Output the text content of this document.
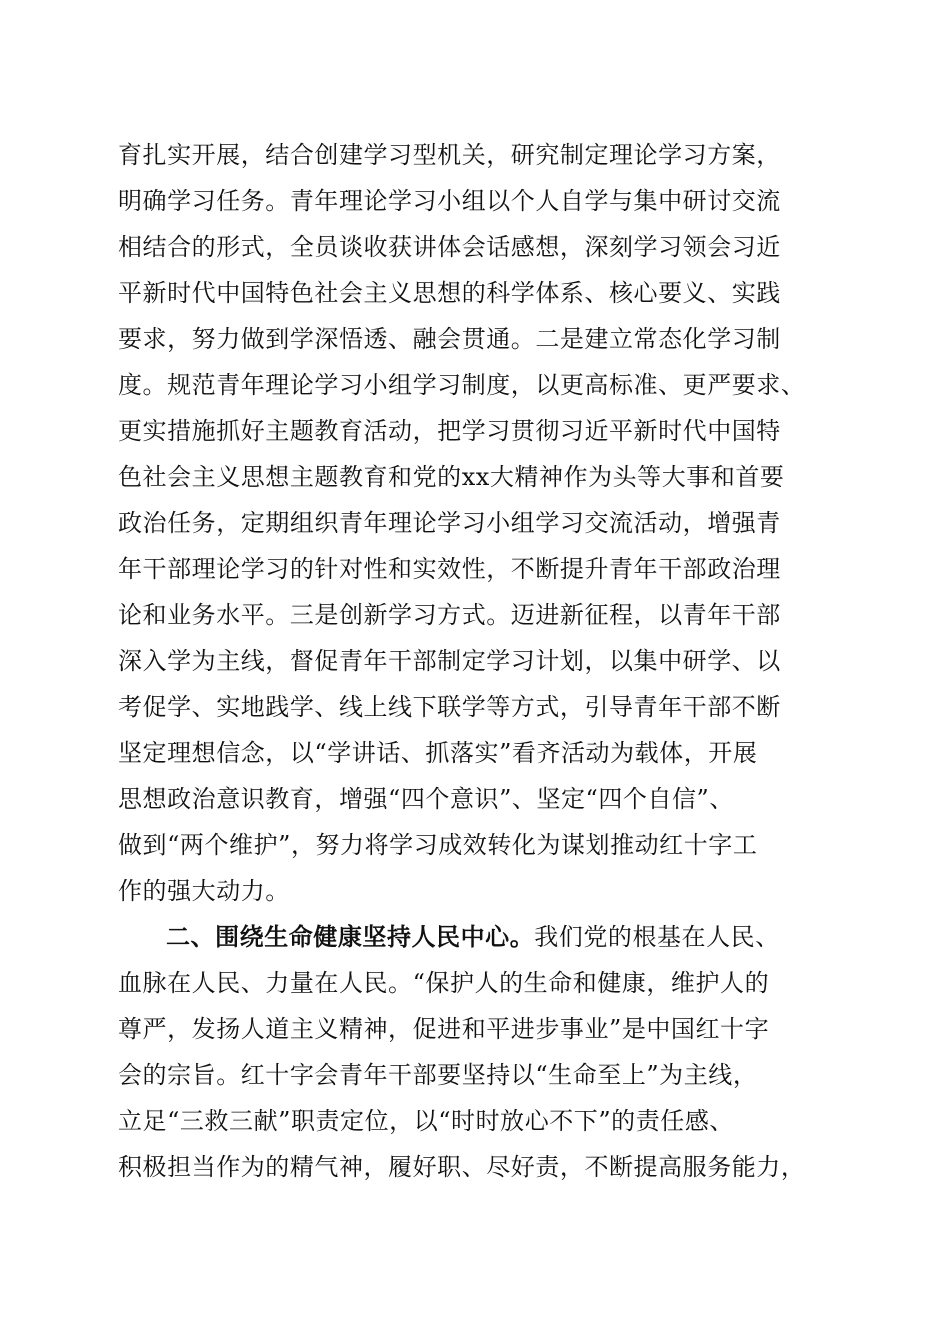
育扎实开展，结合创建学习型机关，研究制定理论学习方案，
明确学习任务。青年理论学习小组以个人自学与集中研讨交流
相结合的形式，全员谈收获讲体会话感想，深刻学习领会习近
平新时代中国特色社会主义思想的科学体系、核心要义、实践
要求，努力做到学深悟透、融会贯通。二是建立常态化学习制
度。规范青年理论学习小组学习制度，以更高标准、更严要求、
更实措施抓好主题教育活动，把学习贯彻习近平新时代中国特
色社会主义思想主题教育和党的xx大精神作为头等大事和首要
政治任务，定期组织青年理论学习小组学习交流活动，增强青
年干部理论学习的针对性和实效性，不断提升青年干部政治理
论和业务水平。三是创新学习方式。迈进新征程，以青年干部
深入学为主线，督促青年干部制定学习计划，以集中研学、以
考促学、实地践学、线上线下联学等方式，引导青年干部不断
坚定理想信念，以“学讲话、抓落实”看齐活动为载体，开展
思想政治意识教育，增强“四个意识”、坚定“四个自信”、
做到“两个维护”，努力将学习成效转化为谋划推动红十字工
作的强大动力。
二、围绕生命健康坚持人民中心。我们党的根基在人民、
血脉在人民、力量在人民。“保护人的生命和健康，维护人的
尊严，发扬人道主义精神，促进和平进步事业”是中国红十字
会的宗旨。红十字会青年干部要坚持以“生命至上”为主线，
立足“三救三献”职责定位，以“时时放心不下”的责任感、
积极担当作为的精气神，履好职、尽好责，不断提高服务能力，
